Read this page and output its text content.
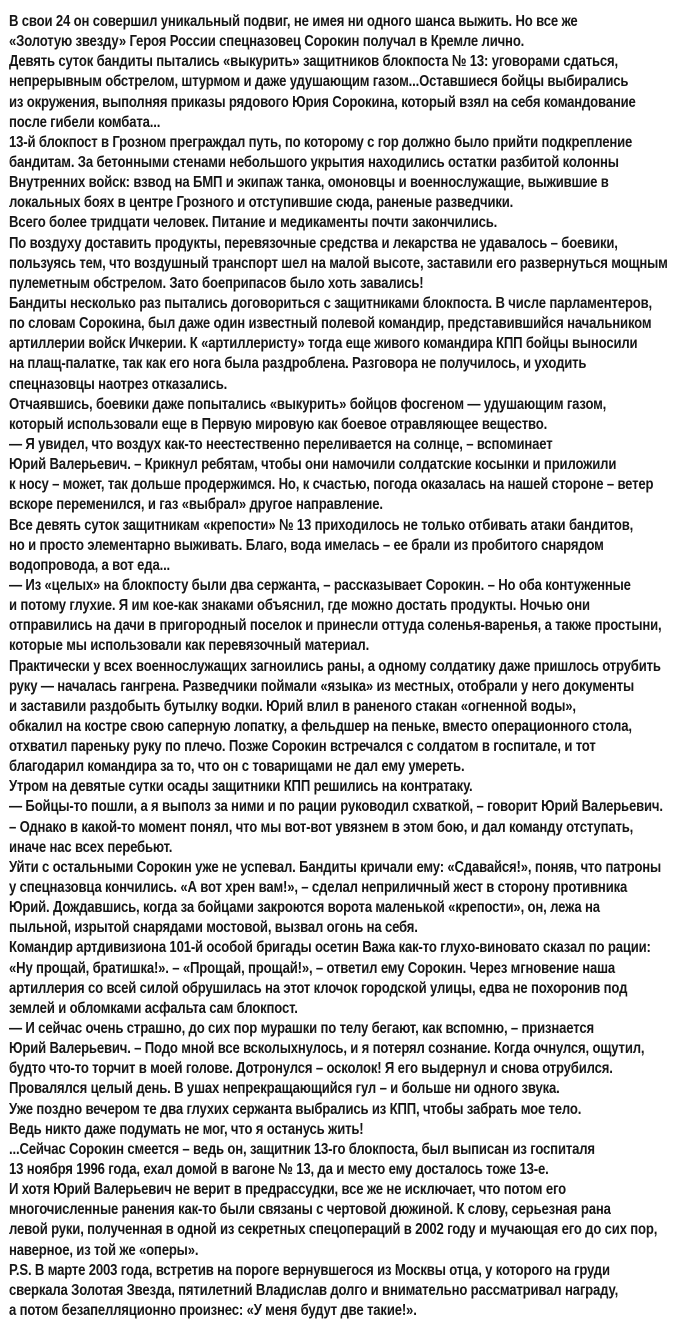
В свои 24 он совершил уникальный подвиг, не имея ни одного шанса выжить. Но все же
«Золотую звезду» Героя России спецназовец Сорокин получал в Кремле лично.
Девять суток бандиты пытались «выкурить» защитников блокпоста № 13: уговорами сдаться,
непрерывным обстрелом, штурмом и даже удушающим газом...Оставшиеся бойцы выбирались
из окружения, выполняя приказы рядового Юрия Сорокина, который взял на себя командование
после гибели комбата...
13-й блокпост в Грозном преграждал путь, по которому с гор должно было прийти подкрепление
бандитам. За бетонными стенами небольшого укрытия находились остатки разбитой колонны
Внутренних войск: взвод на БМП и экипаж танка, омоновцы и военнослужащие, выжившие в
локальных боях в центре Грозного и отступившие сюда, раненые разведчики.
Всего более тридцати человек. Питание и медикаменты почти закончились.
По воздуху доставить продукты, перевязочные средства и лекарства не удавалось – боевики,
пользуясь тем, что воздушный транспорт шел на малой высоте, заставили его развернуться мощным
пулеметным обстрелом. Зато боеприпасов было хоть завались!
Бандиты несколько раз пытались договориться с защитниками блокпоста. В числе парламентеров,
по словам Сорокина, был даже один известный полевой командир, представившийся начальником
артиллерии войск Ичкерии. К «артиллеристу» тогда еще живого командира КПП бойцы выносили
на плащ-палатке, так как его нога была раздроблена. Разговора не получилось, и уходить
спецназовцы наотрез отказались.
Отчаявшись, боевики даже попытались «выкурить» бойцов фосгеном — удушающим газом,
который использовали еще в Первую мировую как боевое отравляющее вещество.
— Я увидел, что воздух как-то неестественно переливается на солнце, – вспоминает
Юрий Валерьевич. – Крикнул ребятам, чтобы они намочили солдатские косынки и приложили
к носу – может, так дольше продержимся. Но, к счастью, погода оказалась на нашей стороне – ветер
вскоре переменился, и газ «выбрал» другое направление.
Все девять суток защитникам «крепости» № 13 приходилось не только отбивать атаки бандитов,
но и просто элементарно выживать. Благо, вода имелась – ее брали из пробитого снарядом
водопровода, а вот еда...
— Из «целых» на блокпосту были два сержанта, – рассказывает Сорокин. – Но оба контуженные
и потому глухие. Я им кое-как знаками объяснил, где можно достать продукты. Ночью они
отправились на дачи в пригородный поселок и принесли оттуда соленья-варенья, а также простыни,
которые мы использовали как перевязочный материал.
Практически у всех военнослужащих загноились раны, а одному солдатику даже пришлось отрубить
руку — началась гангрена. Разведчики поймали «языка» из местных, отобрали у него документы
и заставили раздобыть бутылку водки. Юрий влил в раненого стакан «огненной воды»,
обкалил на костре свою саперную лопатку, а фельдшер на пеньке, вместо операционного стола,
отхватил пареньку руку по плечо. Позже Сорокин встречался с солдатом в госпитале, и тот
благодарил командира за то, что он с товарищами не дал ему умереть.
Утром на девятые сутки осады защитники КПП решились на контратаку.
— Бойцы-то пошли, а я выполз за ними и по рации руководил схваткой, – говорит Юрий Валерьевич.
– Однако в какой-то момент понял, что мы вот-вот увязнем в этом бою, и дал команду отступать,
иначе нас всех перебьют.
Уйти с остальными Сорокин уже не успевал. Бандиты кричали ему: «Сдавайся!», поняв, что патроны
у спецназовца кончились. «А вот хрен вам!», – сделал неприличный жест в сторону противника
Юрий. Дождавшись, когда за бойцами закроются ворота маленькой «крепости», он, лежа на
пыльной, изрытой снарядами мостовой, вызвал огонь на себя.
Командир артдивизиона 101-й особой бригады осетин Важа как-то глухо-виновато сказал по рации:
«Ну прощай, братишка!». – «Прощай, прощай!», – ответил ему Сорокин. Через мгновение наша
артиллерия со всей силой обрушилась на этот клочок городской улицы, едва не похоронив под
землей и обломками асфальта сам блокпост.
— И сейчас очень страшно, до сих пор мурашки по телу бегают, как вспомню, – признается
Юрий Валерьевич. – Подо мной все всколыхнулось, и я потерял сознание. Когда очнулся, ощутил,
будто что-то торчит в моей голове. Дотронулся – осколок! Я его выдернул и снова отрубился.
Провалялся целый день. В ушах непрекращающийся гул – и больше ни одного звука.
Уже поздно вечером те два глухих сержанта выбрались из КПП, чтобы забрать мое тело.
Ведь никто даже подумать не мог, что я останусь жить!
...Сейчас Сорокин смеется – ведь он, защитник 13-го блокпоста, был выписан из госпиталя
13 ноября 1996 года, ехал домой в вагоне № 13, да и место ему досталось тоже 13-е.
И хотя Юрий Валерьевич не верит в предрассудки, все же не исключает, что потом его
многочисленные ранения как-то были связаны с чертовой дюжиной. К слову, серьезная рана
левой руки, полученная в одной из секретных спецопераций в 2002 году и мучающая его до сих пор,
наверное, из той же «оперы».
P.S. В марте 2003 года, встретив на пороге вернувшегося из Москвы отца, у которого на груди
сверкала Золотая Звезда, пятилетний Владислав долго и внимательно рассматривал награду,
а потом безапелляционно произнес: «У меня будут две такие!».
